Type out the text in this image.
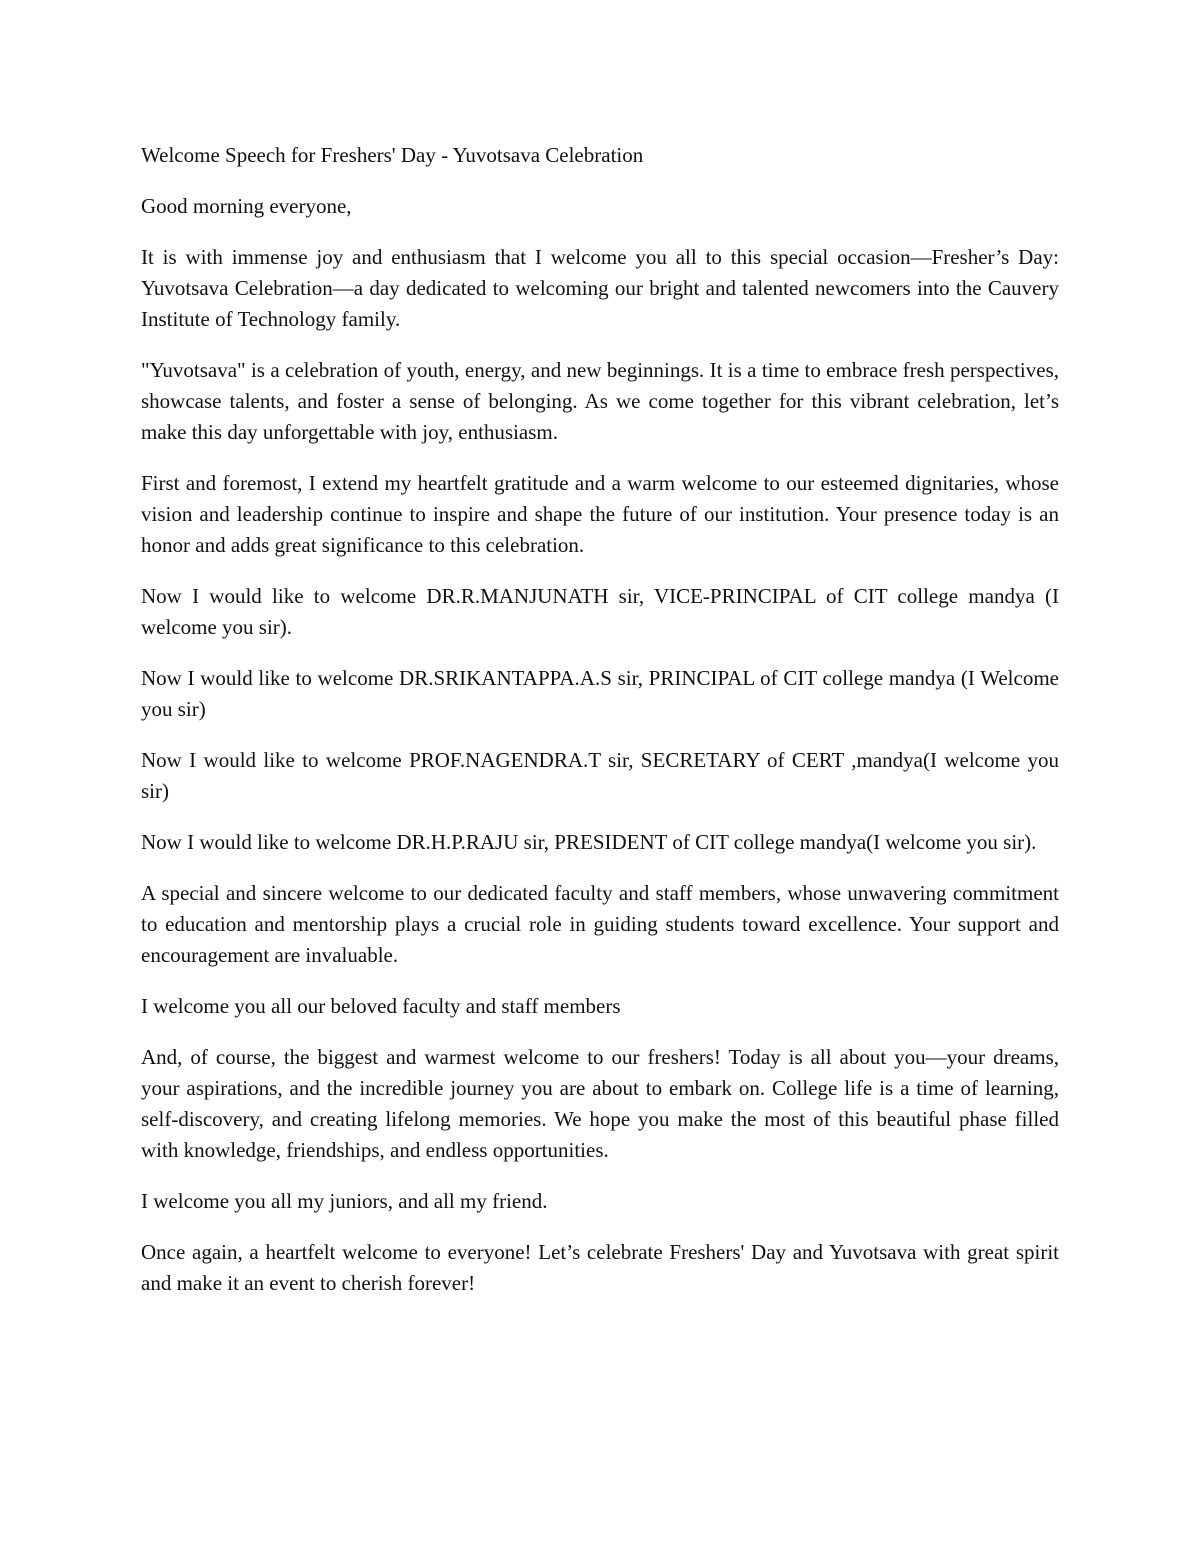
Welcome Speech for Freshers' Day - Yuvotsava Celebration

Good morning everyone,

It is with immense joy and enthusiasm that I welcome you all to this special occasion—Fresher’s Day: Yuvotsava Celebration—a day dedicated to welcoming our bright and talented newcomers into the Cauvery Institute of Technology family.

"Yuvotsava" is a celebration of youth, energy, and new beginnings. It is a time to embrace fresh perspectives, showcase talents, and foster a sense of belonging. As we come together for this vibrant celebration, let’s make this day unforgettable with joy, enthusiasm.

First and foremost, I extend my heartfelt gratitude and a warm welcome to our esteemed dignitaries, whose vision and leadership continue to inspire and shape the future of our institution. Your presence today is an honor and adds great significance to this celebration.

Now I would like to welcome DR.R.MANJUNATH sir, VICE-PRINCIPAL of CIT college mandya (I welcome you sir).

Now I would like to welcome DR.SRIKANTAPPA.A.S sir, PRINCIPAL of CIT college mandya (I Welcome you sir)

Now I would like to welcome PROF.NAGENDRA.T sir, SECRETARY of CERT ,mandya(I welcome you sir)

Now I would like to welcome DR.H.P.RAJU sir, PRESIDENT of CIT college mandya(I welcome you sir).

A special and sincere welcome to our dedicated faculty and staff members, whose unwavering commitment to education and mentorship plays a crucial role in guiding students toward excellence. Your support and encouragement are invaluable.

I welcome you all our beloved faculty and staff members

And, of course, the biggest and warmest welcome to our freshers! Today is all about you—your dreams, your aspirations, and the incredible journey you are about to embark on. College life is a time of learning, self-discovery, and creating lifelong memories. We hope you make the most of this beautiful phase filled with knowledge, friendships, and endless opportunities.

I welcome you all my juniors, and all my friend.

Once again, a heartfelt welcome to everyone! Let’s celebrate Freshers' Day and Yuvotsava with great spirit and make it an event to cherish forever!
